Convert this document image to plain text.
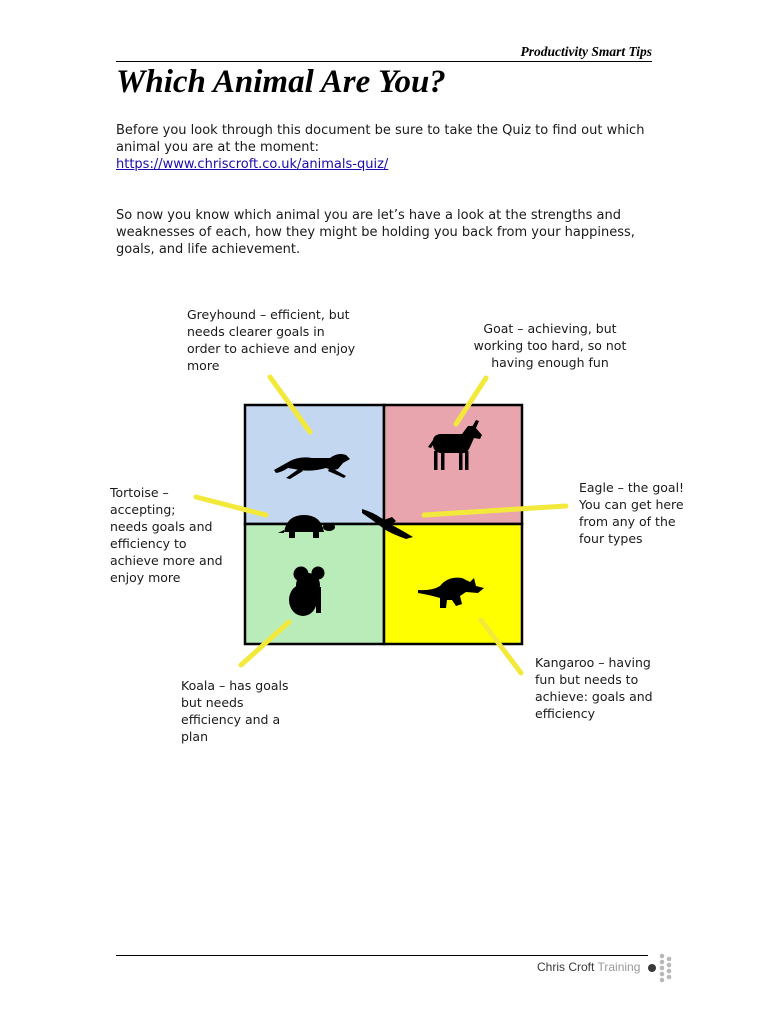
Productivity Smart Tips
Which Animal Are You?
Before you look through this document be sure to take the Quiz to find out which animal you are at the moment:
https://www.chriscroft.co.uk/animals-quiz/

So now you know which animal you are let’s have a look at the strengths and weaknesses of each, how they might be holding you back from your happiness, goals, and life achievement.

Greyhound – efficient, but
needs clearer goals in
order to achieve and enjoy
more
Goat – achieving, but
working too hard, so not
having enough fun
Tortoise –
accepting;
needs goals and
efficiency to
achieve more and
enjoy more
Eagle – the goal!
You can get here
from any of the
four types
Koala – has goals
but needs
efficiency and a
plan
Kangaroo – having
fun but needs to
achieve: goals and
efficiency
Chris Croft Training
